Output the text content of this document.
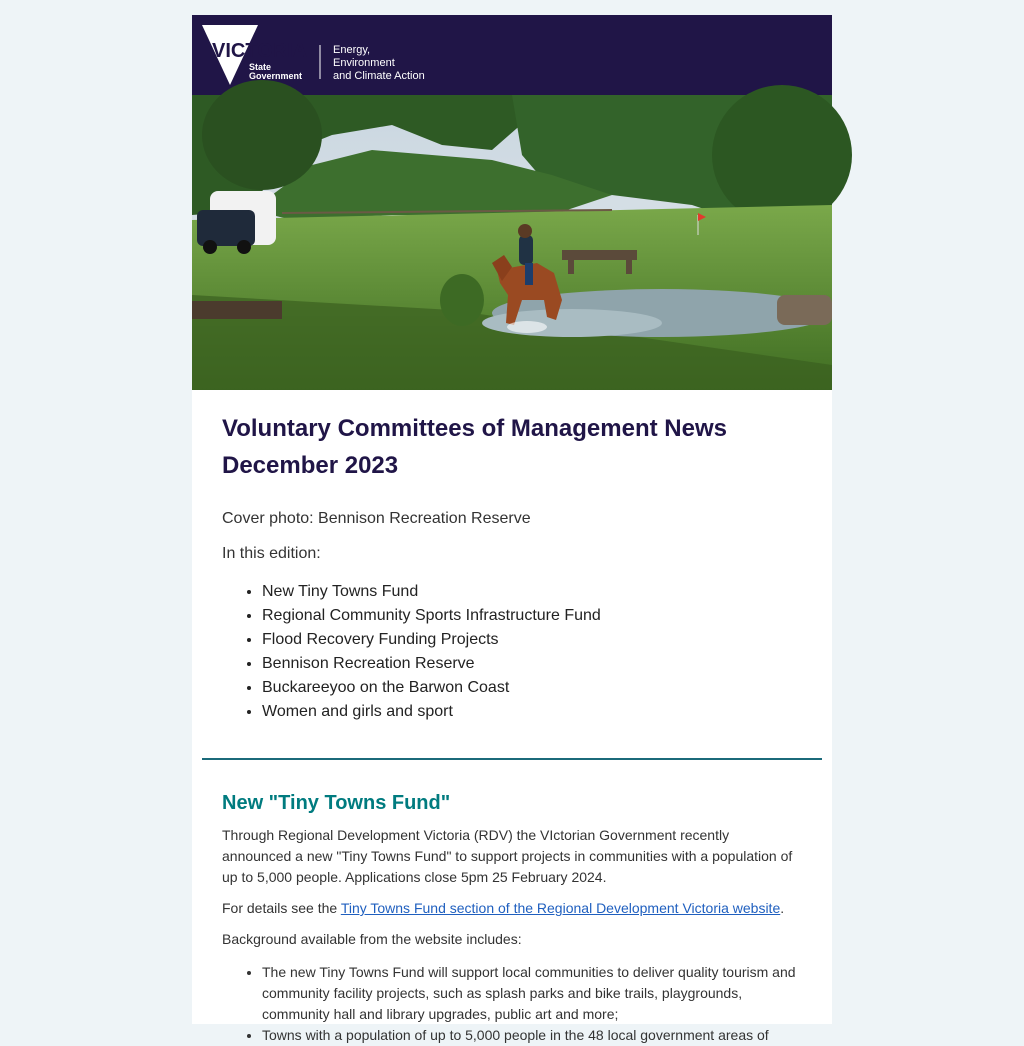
VICTORIA
State
Government
Energy,
Environment
and Climate Action
Voluntary Committees of Management News
December 2023

Cover photo: Bennison Recreation Reserve

In this edition:

• New Tiny Towns Fund
• Regional Community Sports Infrastructure Fund
• Flood Recovery Funding Projects
• Bennison Recreation Reserve
• Buckareeyoo on the Barwon Coast
• Women and girls and sport
New "Tiny Towns Fund"

Through Regional Development Victoria (RDV) the VIctorian Government recently announced a new "Tiny Towns Fund" to support projects in communities with a population of up to 5,000 people. Applications close 5pm 25 February 2024.

For details see the Tiny Towns Fund section of the Regional Development Victoria website.

Background available from the website includes:

• The new Tiny Towns Fund will support local communities to deliver quality tourism and community facility projects, such as splash parks and bike trails, playgrounds, community hall and library upgrades, public art and more;
• Towns with a population of up to 5,000 people in the 48 local government areas of
